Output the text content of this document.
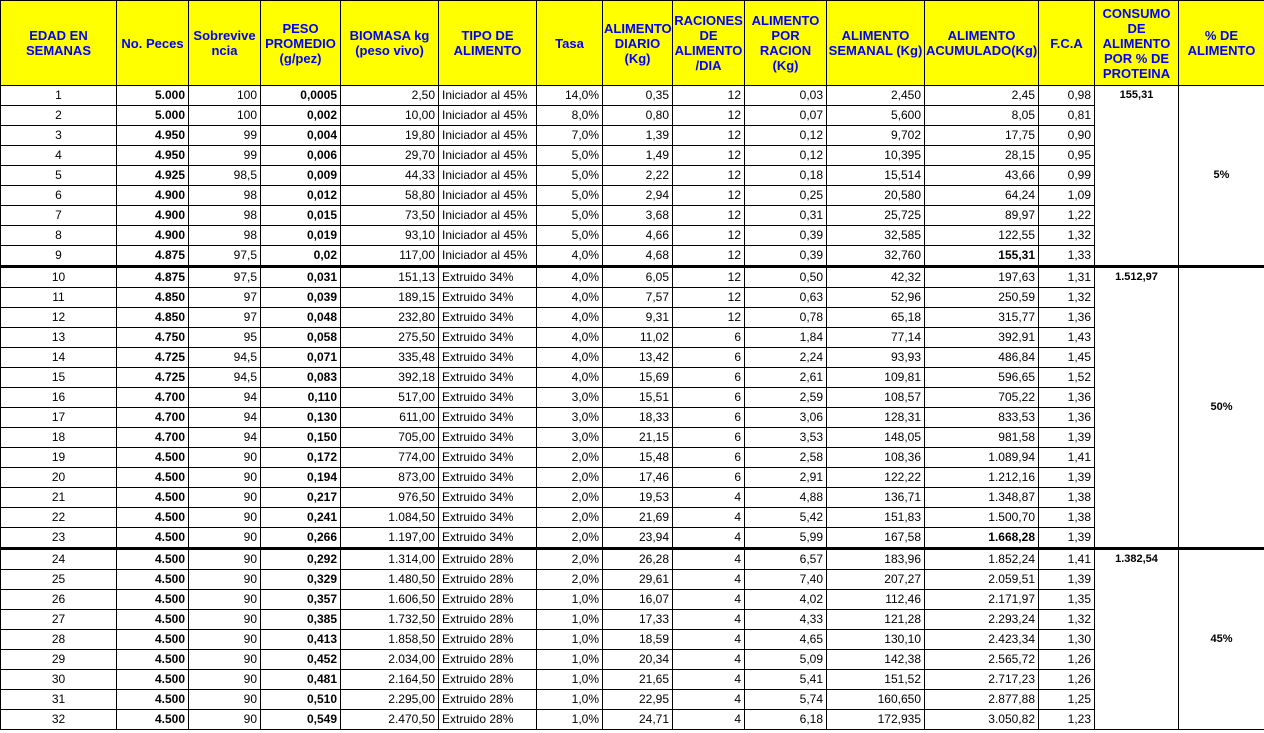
EDAD EN SEMANAS	No. Peces	Sobrevive ncia	PESO PROMEDIO (g/pez)	BIOMASA kg (peso vivo)	TIPO DE ALIMENTO	Tasa	ALIMENTO DIARIO (Kg)	RACIONES DE ALIMENTO /DIA	ALIMENTO POR RACION (Kg)	ALIMENTO SEMANAL (Kg)	ALIMENTO ACUMULADO(Kg)	F.C.A	CONSUMO DE ALIMENTO POR % DE PROTEINA	% DE ALIMENTO
1	5.000	100	0,0005	2,50	Iniciador al 45%	14,0%	0,35	12	0,03	2,450	2,45	0,98	155,31	5%
2	5.000	100	0,002	10,00	Iniciador al 45%	8,0%	0,80	12	0,07	5,600	8,05	0,81		
3	4.950	99	0,004	19,80	Iniciador al 45%	7,0%	1,39	12	0,12	9,702	17,75	0,90		
4	4.950	99	0,006	29,70	Iniciador al 45%	5,0%	1,49	12	0,12	10,395	28,15	0,95		
5	4.925	98,5	0,009	44,33	Iniciador al 45%	5,0%	2,22	12	0,18	15,514	43,66	0,99		
6	4.900	98	0,012	58,80	Iniciador al 45%	5,0%	2,94	12	0,25	20,580	64,24	1,09		
7	4.900	98	0,015	73,50	Iniciador al 45%	5,0%	3,68	12	0,31	25,725	89,97	1,22		
8	4.900	98	0,019	93,10	Iniciador al 45%	5,0%	4,66	12	0,39	32,585	122,55	1,32		
9	4.875	97,5	0,02	117,00	Iniciador al 45%	4,0%	4,68	12	0,39	32,760	155,31	1,33		
10	4.875	97,5	0,031	151,13	Extruido 34%	4,0%	6,05	12	0,50	42,32	197,63	1,31	1.512,97	50%
11	4.850	97	0,039	189,15	Extruido 34%	4,0%	7,57	12	0,63	52,96	250,59	1,32		
12	4.850	97	0,048	232,80	Extruido 34%	4,0%	9,31	12	0,78	65,18	315,77	1,36		
13	4.750	95	0,058	275,50	Extruido 34%	4,0%	11,02	6	1,84	77,14	392,91	1,43		
14	4.725	94,5	0,071	335,48	Extruido 34%	4,0%	13,42	6	2,24	93,93	486,84	1,45		
15	4.725	94,5	0,083	392,18	Extruido 34%	4,0%	15,69	6	2,61	109,81	596,65	1,52		
16	4.700	94	0,110	517,00	Extruido 34%	3,0%	15,51	6	2,59	108,57	705,22	1,36		
17	4.700	94	0,130	611,00	Extruido 34%	3,0%	18,33	6	3,06	128,31	833,53	1,36		
18	4.700	94	0,150	705,00	Extruido 34%	3,0%	21,15	6	3,53	148,05	981,58	1,39		
19	4.500	90	0,172	774,00	Extruido 34%	2,0%	15,48	6	2,58	108,36	1.089,94	1,41		
20	4.500	90	0,194	873,00	Extruido 34%	2,0%	17,46	6	2,91	122,22	1.212,16	1,39		
21	4.500	90	0,217	976,50	Extruido 34%	2,0%	19,53	4	4,88	136,71	1.348,87	1,38		
22	4.500	90	0,241	1.084,50	Extruido 34%	2,0%	21,69	4	5,42	151,83	1.500,70	1,38		
23	4.500	90	0,266	1.197,00	Extruido 34%	2,0%	23,94	4	5,99	167,58	1.668,28	1,39		
24	4.500	90	0,292	1.314,00	Extruido 28%	2,0%	26,28	4	6,57	183,96	1.852,24	1,41	1.382,54	45%
25	4.500	90	0,329	1.480,50	Extruido 28%	2,0%	29,61	4	7,40	207,27	2.059,51	1,39		
26	4.500	90	0,357	1.606,50	Extruido 28%	1,0%	16,07	4	4,02	112,46	2.171,97	1,35		
27	4.500	90	0,385	1.732,50	Extruido 28%	1,0%	17,33	4	4,33	121,28	2.293,24	1,32		
28	4.500	90	0,413	1.858,50	Extruido 28%	1,0%	18,59	4	4,65	130,10	2.423,34	1,30		
29	4.500	90	0,452	2.034,00	Extruido 28%	1,0%	20,34	4	5,09	142,38	2.565,72	1,26		
30	4.500	90	0,481	2.164,50	Extruido 28%	1,0%	21,65	4	5,41	151,52	2.717,23	1,26		
31	4.500	90	0,510	2.295,00	Extruido 28%	1,0%	22,95	4	5,74	160,650	2.877,88	1,25		
32	4.500	90	0,549	2.470,50	Extruido 28%	1,0%	24,71	4	6,18	172,935	3.050,82	1,23		
